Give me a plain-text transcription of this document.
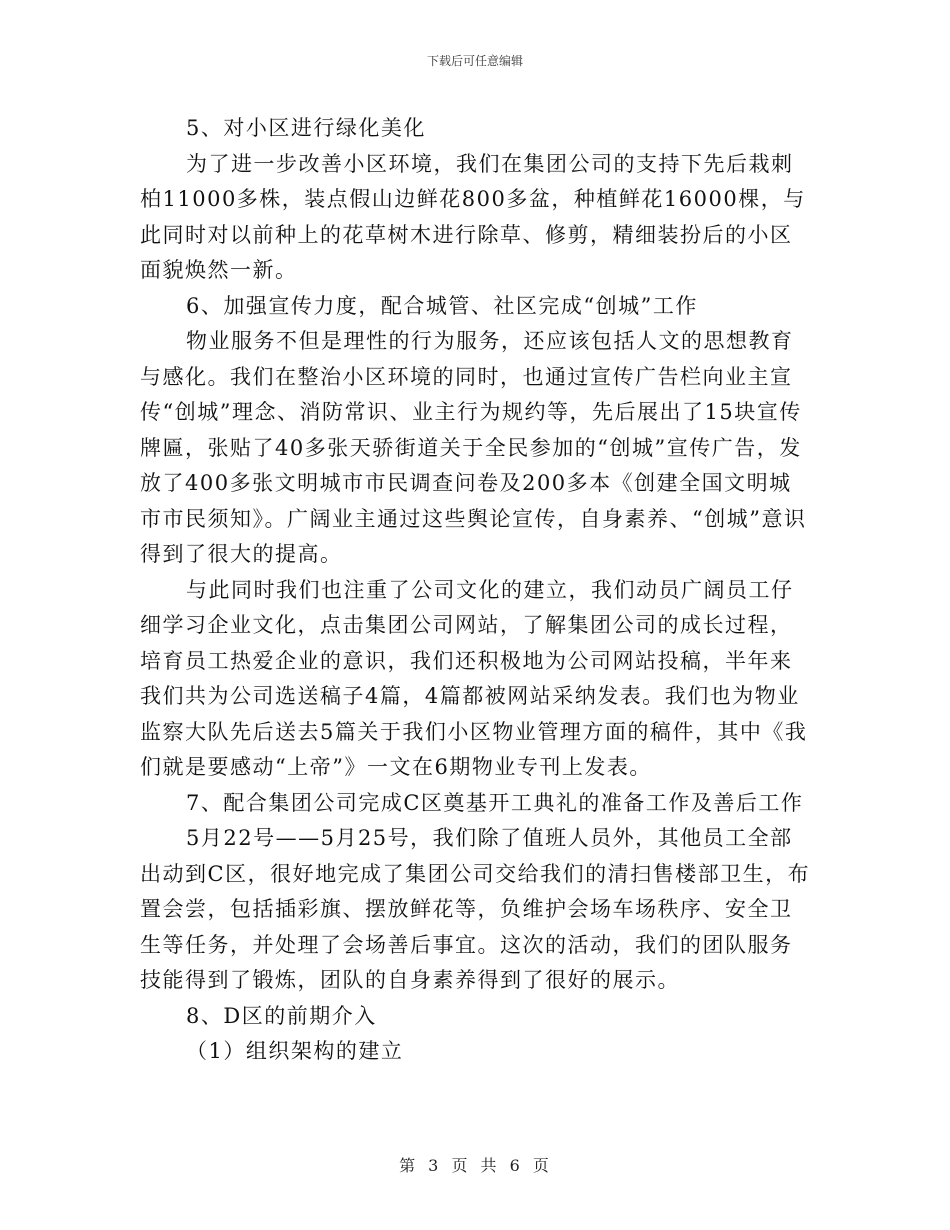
下载后可任意编辑

5、对小区进行绿化美化

为了进一步改善小区环境，我们在集团公司的支持下先后栽刺柏11000多株，装点假山边鲜花800多盆，种植鲜花16000棵，与此同时对以前种上的花草树木进行除草、修剪，精细装扮后的小区面貌焕然一新。

6、加强宣传力度，配合城管、社区完成“创城”工作

物业服务不但是理性的行为服务，还应该包括人文的思想教育与感化。我们在整治小区环境的同时，也通过宣传广告栏向业主宣传“创城”理念、消防常识、业主行为规约等，先后展出了15块宣传牌匾，张贴了40多张天骄街道关于全民参加的“创城”宣传广告，发放了400多张文明城市市民调查问卷及200多本《创建全国文明城市市民须知》。广阔业主通过这些舆论宣传，自身素养、“创城”意识得到了很大的提高。

与此同时我们也注重了公司文化的建立，我们动员广阔员工仔细学习企业文化，点击集团公司网站，了解集团公司的成长过程，培育员工热爱企业的意识，我们还积极地为公司网站投稿，半年来我们共为公司选送稿子4篇，4篇都被网站采纳发表。我们也为物业监察大队先后送去5篇关于我们小区物业管理方面的稿件，其中《我们就是要感动“上帝”》一文在6期物业专刊上发表。

7、配合集团公司完成C区奠基开工典礼的准备工作及善后工作

5月22号——5月25号，我们除了值班人员外，其他员工全部出动到C区，很好地完成了集团公司交给我们的清扫售楼部卫生，布置会尝，包括插彩旗、摆放鲜花等，负维护会场车场秩序、安全卫生等任务，并处理了会场善后事宜。这次的活动，我们的团队服务技能得到了锻炼，团队的自身素养得到了很好的展示。

8、D区的前期介入

（1）组织架构的建立

第 3 页 共 6 页
